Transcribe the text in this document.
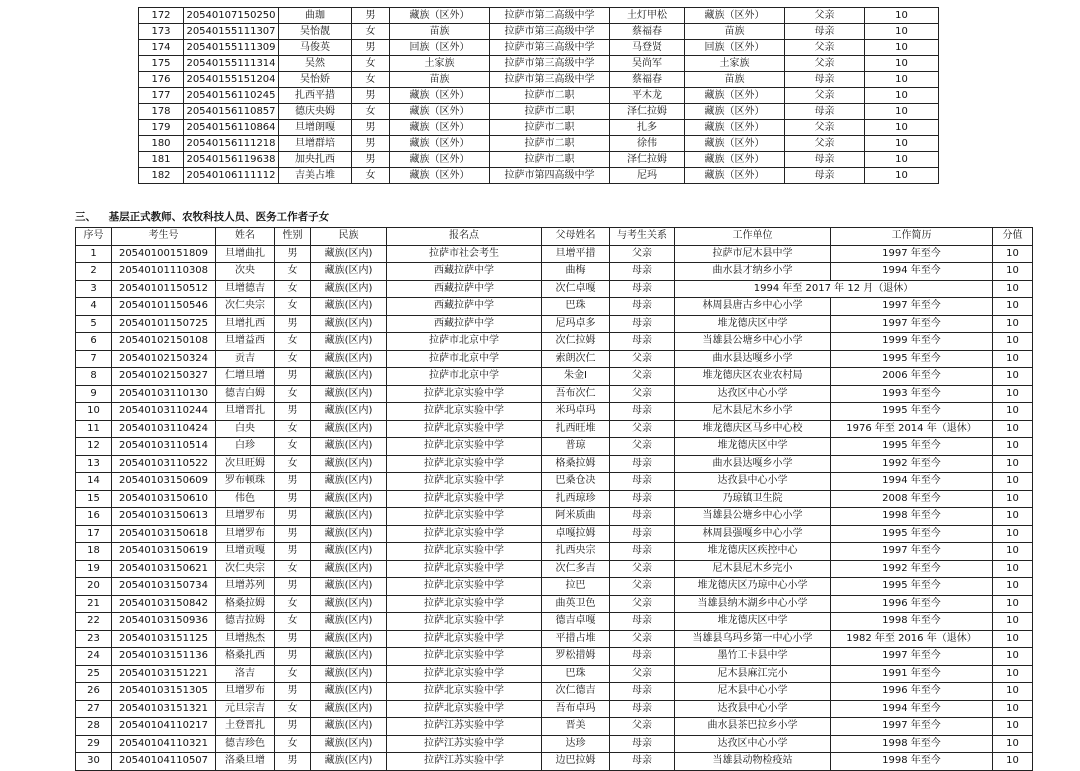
172	20540107150250	曲珈	男	藏族（区外）	拉萨市第二高级中学	土灯甲松	藏族（区外）	父亲	10
173	20540155111307	吴怡靓	女	苗族	拉萨市第三高级中学	蔡福春	苗族	母亲	10
174	20540155111309	马俊英	男	回族（区外）	拉萨市第三高级中学	马登贤	回族（区外）	父亲	10
175	20540155111314	吴然	女	土家族	拉萨市第三高级中学	吴尚军	土家族	父亲	10
176	20540155151204	吴怡娇	女	苗族	拉萨市第三高级中学	蔡福春	苗族	母亲	10
177	20540156110245	扎西平措	男	藏族（区外）	拉萨市二职	平木龙	藏族（区外）	父亲	10
178	20540156110857	德庆央姆	女	藏族（区外）	拉萨市二职	泽仁拉姆	藏族（区外）	母亲	10
179	20540156110864	旦增朗嘎	男	藏族（区外）	拉萨市二职	扎多	藏族（区外）	父亲	10
180	20540156111218	旦增群培	男	藏族（区外）	拉萨市二职	徐伟	藏族（区外）	父亲	10
181	20540156119638	加央扎西	男	藏族（区外）	拉萨市二职	泽仁拉姆	藏族（区外）	母亲	10
182	20540106111112	吉美占堆	女	藏族（区外）	拉萨市第四高级中学	尼玛	藏族（区外）	母亲	10
三、 基层正式教师、农牧科技人员、医务工作者子女
序号	考生号	姓名	性别	民族	报名点	父母姓名	与考生关系	工作单位	工作简历	分值
1	20540100151809	旦增曲扎	男	藏族(区内)	拉萨市社会考生	旦增平措	父亲	拉萨市尼木县中学	1997 年至今	10
2	20540101110308	次央	女	藏族(区内)	西藏拉萨中学	曲梅	母亲	曲水县才纳乡小学	1994 年至今	10
3	20540101150512	旦增德吉	女	藏族(区内)	西藏拉萨中学	次仁卓嘎	母亲	1994 年至 2017 年 12 月（退休）		10
4	20540101150546	次仁央宗	女	藏族(区内)	西藏拉萨中学	巴珠	母亲	林周县唐古乡中心小学	1997 年至今	10
5	20540101150725	旦增扎西	男	藏族(区内)	西藏拉萨中学	尼玛卓多	母亲	堆龙德庆区中学	1997 年至今	10
6	20540102150108	旦增益西	女	藏族(区内)	拉萨市北京中学	次仁拉姆	母亲	当雄县公塘乡中心小学	1999 年至今	10
7	20540102150324	贡吉	女	藏族(区内)	拉萨市北京中学	索朗次仁	父亲	曲水县达嘎乡小学	1995 年至今	10
8	20540102150327	仁增旦增	男	藏族(区内)	拉萨市北京中学	朱金I	父亲	堆龙德庆区农业农村局	2006 年至今	10
9	20540103110130	德吉白姆	女	藏族(区内)	拉萨北京实验中学	吾布次仁	父亲	达孜区中心小学	1993 年至今	10
10	20540103110244	旦增晋扎	男	藏族(区内)	拉萨北京实验中学	米玛卓玛	母亲	尼木县尼木乡小学	1995 年至今	10
11	20540103110424	白央	女	藏族(区内)	拉萨北京实验中学	扎西旺堆	父亲	堆龙德庆区马乡中心校	1976 年至 2014 年（退休）	10
12	20540103110514	白珍	女	藏族(区内)	拉萨北京实验中学	普琼	父亲	堆龙德庆区中学	1995 年至今	10
13	20540103110522	次旦旺姆	女	藏族(区内)	拉萨北京实验中学	格桑拉姆	母亲	曲水县达嘎乡小学	1992 年至今	10
14	20540103150609	罗布顿珠	男	藏族(区内)	拉萨北京实验中学	巴桑仓决	母亲	达孜县中心小学	1994 年至今	10
15	20540103150610	伟色	男	藏族(区内)	拉萨北京实验中学	扎西琼珍	母亲	乃琼镇卫生院	2008 年至今	10
16	20540103150613	旦增罗布	男	藏族(区内)	拉萨北京实验中学	阿米质曲	母亲	当雄县公塘乡中心小学	1998 年至今	10
17	20540103150618	旦增罗布	男	藏族(区内)	拉萨北京实验中学	卓嘎拉姆	母亲	林周县强嘎乡中心小学	1995 年至今	10
18	20540103150619	旦增贡嘎	男	藏族(区内)	拉萨北京实验中学	扎西央宗	母亲	堆龙德庆区疾控中心	1997 年至今	10
19	20540103150621	次仁央宗	女	藏族(区内)	拉萨北京实验中学	次仁多吉	父亲	尼木县尼木乡完小	1992 年至今	10
20	20540103150734	旦增苏列	男	藏族(区内)	拉萨北京实验中学	拉巴	父亲	堆龙德庆区乃琼中心小学	1995 年至今	10
21	20540103150842	格桑拉姆	女	藏族(区内)	拉萨北京实验中学	曲英卫色	父亲	当雄县纳木湖乡中心小学	1996 年至今	10
22	20540103150936	德吉拉姆	女	藏族(区内)	拉萨北京实验中学	德吉卓嘎	母亲	堆龙德庆区中学	1998 年至今	10
23	20540103151125	旦增热杰	男	藏族(区内)	拉萨北京实验中学	平措占堆	父亲	当雄县乌玛乡第一中心小学	1982 年至 2016 年（退休）	10
24	20540103151136	格桑扎西	男	藏族(区内)	拉萨北京实验中学	罗松措姆	母亲	墨竹工卡县中学	1997 年至今	10
25	20540103151221	洛吉	女	藏族(区内)	拉萨北京实验中学	巴珠	父亲	尼木县麻江完小	1991 年至今	10
26	20540103151305	旦增罗布	男	藏族(区内)	拉萨北京实验中学	次仁德吉	母亲	尼木县中心小学	1996 年至今	10
27	20540103151321	元旦宗吉	女	藏族(区内)	拉萨北京实验中学	吾布卓玛	母亲	达孜县中心小学	1994 年至今	10
28	20540104110217	土登晋扎	男	藏族(区内)	拉萨江苏实验中学	晋美	父亲	曲水县茶巴拉乡小学	1997 年至今	10
29	20540104110321	德吉珍色	女	藏族(区内)	拉萨江苏实验中学	达珍	母亲	达孜区中心小学	1998 年至今	10
30	20540104110507	洛桑旦增	男	藏族(区内)	拉萨江苏实验中学	边巴拉姆	母亲	当雄县动物检疫站	1998 年至今	10
